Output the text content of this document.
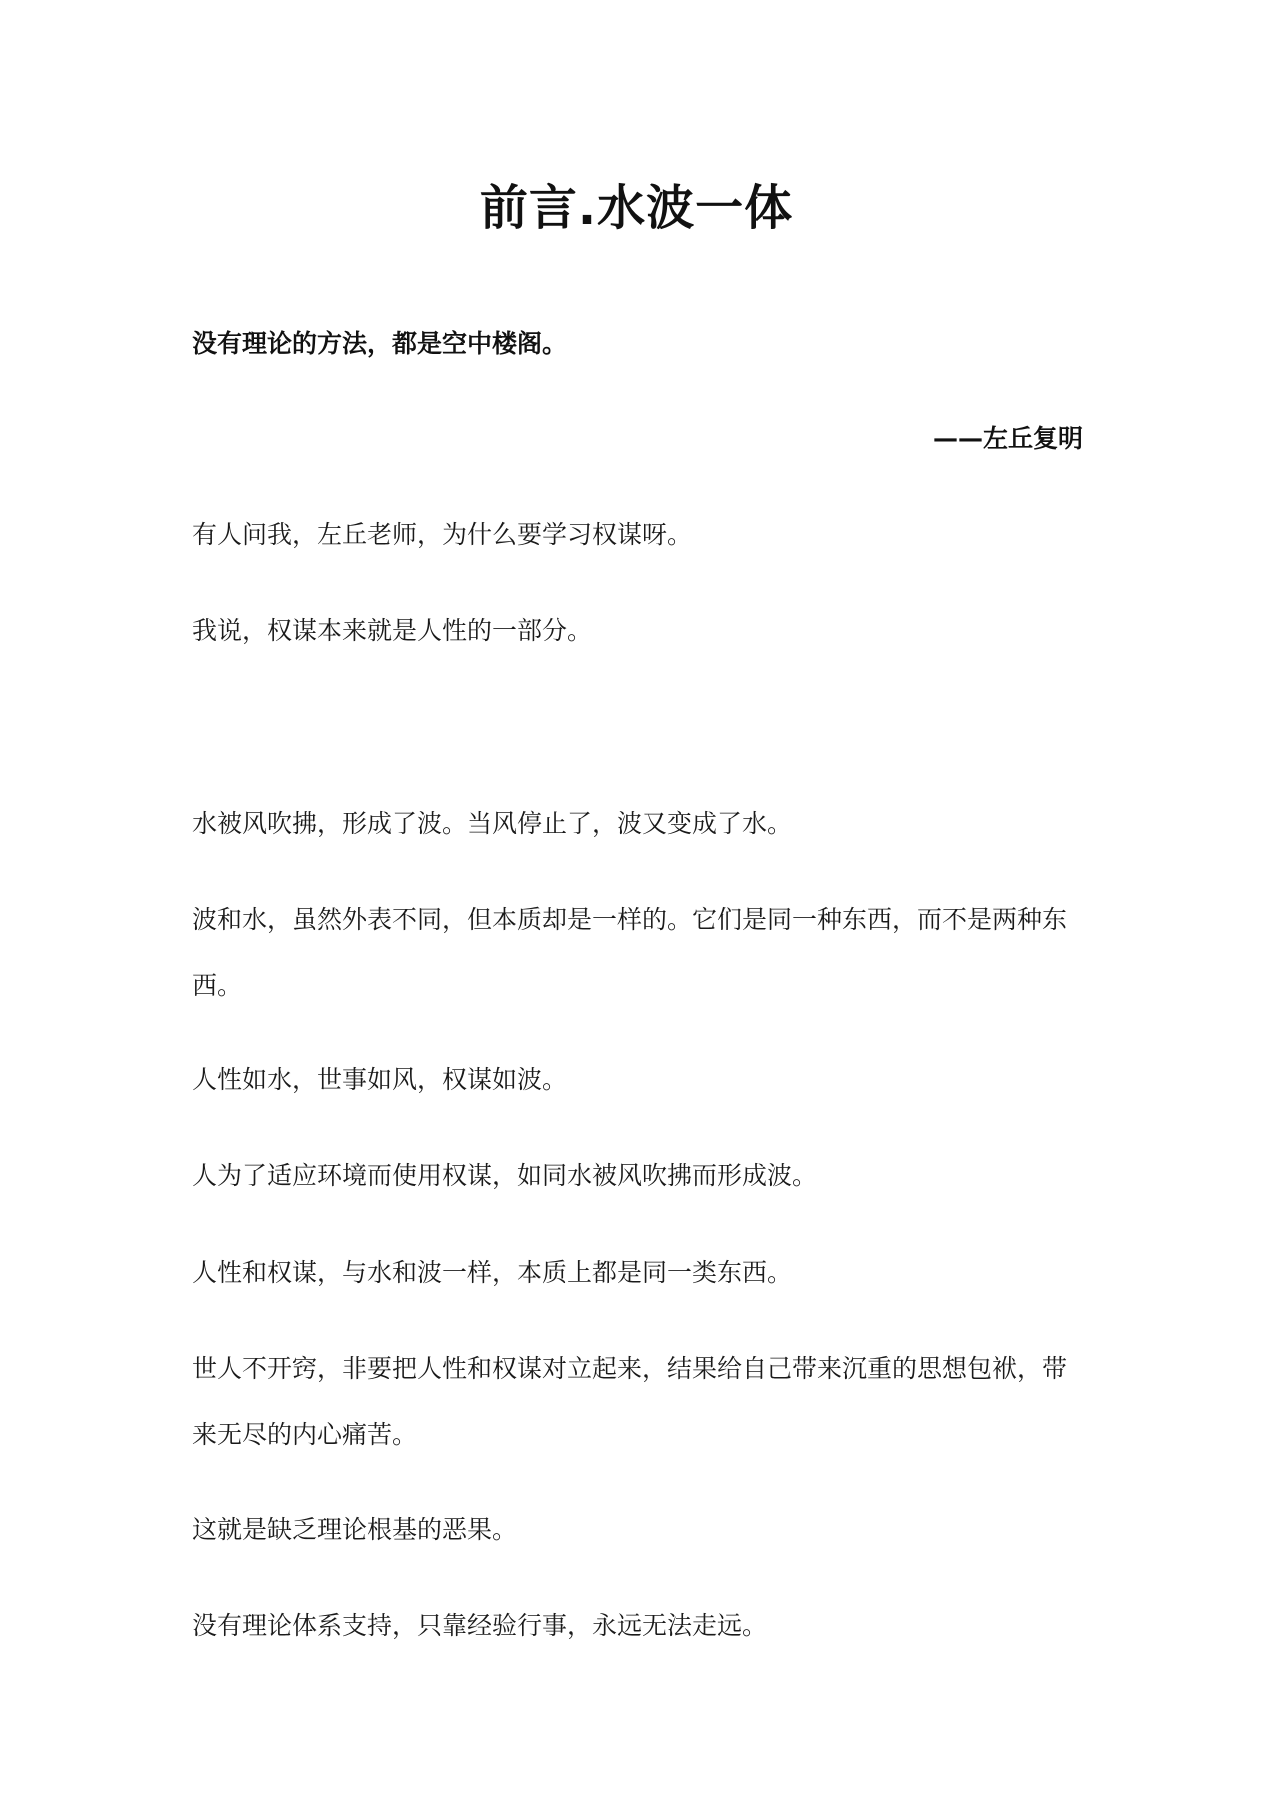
前言.水波一体

没有理论的方法，都是空中楼阁。

——左丘复明

有人问我，左丘老师，为什么要学习权谋呀。

我说，权谋本来就是人性的一部分。

水被风吹拂，形成了波。当风停止了，波又变成了水。

波和水，虽然外表不同，但本质却是一样的。它们是同一种东西，而不是两种东西。

人性如水，世事如风，权谋如波。

人为了适应环境而使用权谋，如同水被风吹拂而形成波。

人性和权谋，与水和波一样，本质上都是同一类东西。

世人不开窍，非要把人性和权谋对立起来，结果给自己带来沉重的思想包袱，带来无尽的内心痛苦。

这就是缺乏理论根基的恶果。

没有理论体系支持，只靠经验行事，永远无法走远。
